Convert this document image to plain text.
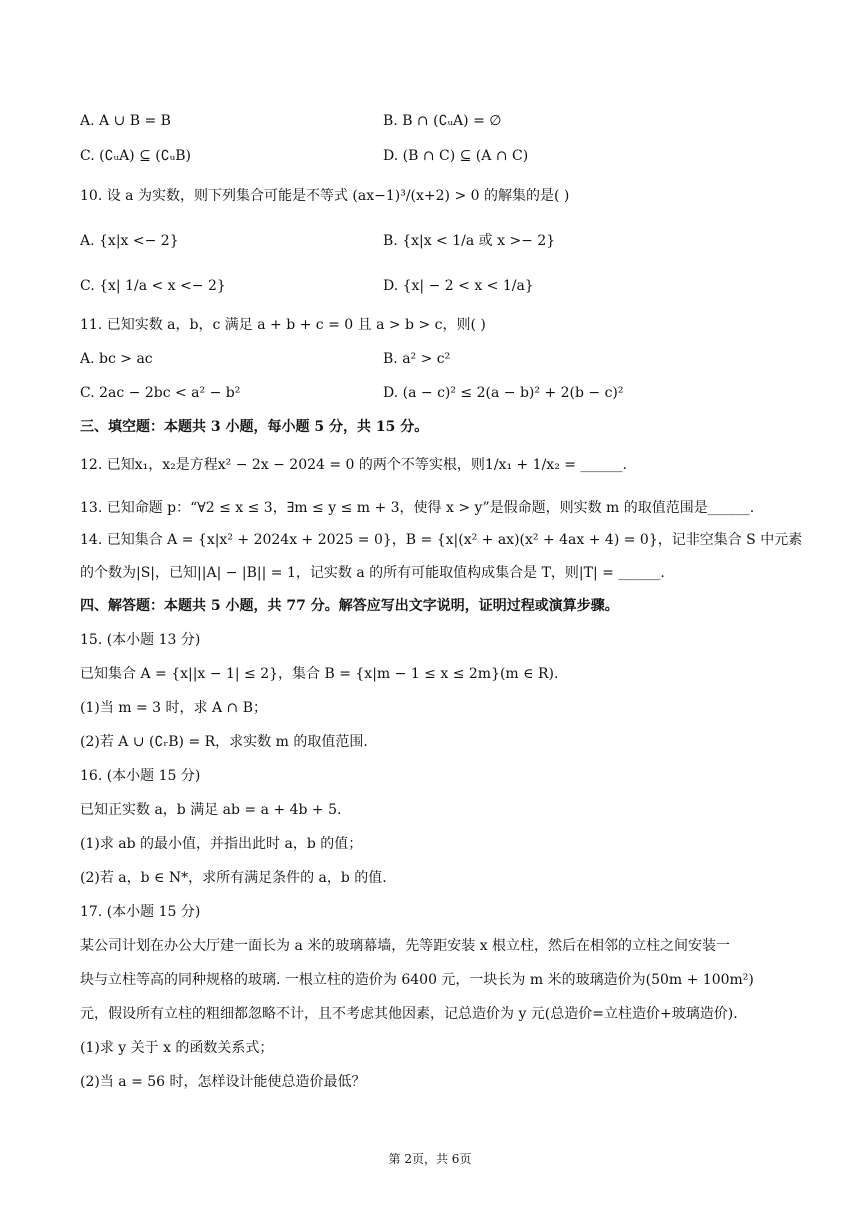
A. A ∪ B = B	B. B ∩ (∁ᵤA) = ∅
C. (∁ᵤA) ⊆ (∁ᵤB)	D. (B ∩ C) ⊆ (A ∩ C)
10. 设 a 为实数，则下列集合可能是不等式 (ax−1)³/(x+2) > 0 的解集的是( )
A. {x|x <− 2}	B. {x|x < 1/a 或 x >− 2}
C. {x| 1/a < x <− 2}	D. {x| − 2 < x < 1/a}
11. 已知实数 a，b，c 满足 a + b + c = 0 且 a > b > c，则( )
A. bc > ac	B. a² > c²
C. 2ac − 2bc < a² − b²	D. (a − c)² ≤ 2(a − b)² + 2(b − c)²
三、填空题：本题共 3 小题，每小题 5 分，共 15 分。
12. 已知x₁，x₂是方程x² − 2x − 2024 = 0 的两个不等实根，则1/x₁ + 1/x₂ = ______.
13. 已知命题 p：“∀2 ≤ x ≤ 3，∃m ≤ y ≤ m + 3，使得 x > y”是假命题，则实数 m 的取值范围是______.
14. 已知集合 A = {x|x² + 2024x + 2025 = 0}，B = {x|(x² + ax)(x² + 4ax + 4) = 0}，记非空集合 S 中元素
的个数为|S|，已知||A| − |B|| = 1，记实数 a 的所有可能取值构成集合是 T，则|T| = ______.
四、解答题：本题共 5 小题，共 77 分。解答应写出文字说明，证明过程或演算步骤。
15. (本小题 13 分)
已知集合 A = {x||x − 1| ≤ 2}，集合 B = {x|m − 1 ≤ x ≤ 2m}(m ∈ R).
(1)当 m = 3 时，求 A ∩ B；
(2)若 A ∪ (∁ᵣB) = R，求实数 m 的取值范围.
16. (本小题 15 分)
已知正实数 a，b 满足 ab = a + 4b + 5.
(1)求 ab 的最小值，并指出此时 a，b 的值；
(2)若 a，b ∈ N*，求所有满足条件的 a，b 的值.
17. (本小题 15 分)
某公司计划在办公大厅建一面长为 a 米的玻璃幕墙，先等距安装 x 根立柱，然后在相邻的立柱之间安装一
块与立柱等高的同种规格的玻璃. 一根立柱的造价为 6400 元，一块长为 m 米的玻璃造价为(50m + 100m²)
元，假设所有立柱的粗细都忽略不计，且不考虑其他因素，记总造价为 y 元(总造价=立柱造价+玻璃造价).
(1)求 y 关于 x 的函数关系式；
(2)当 a = 56 时，怎样设计能使总造价最低？
第 2页，共 6页
